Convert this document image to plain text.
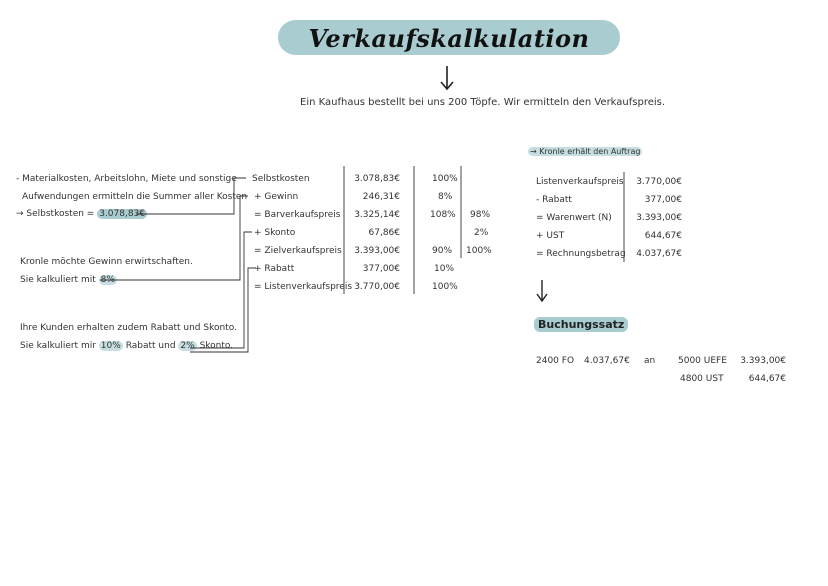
Verkaufskalkulation
Ein Kaufhaus bestellt bei uns 200 Töpfe. Wir ermitteln den Verkaufspreis.
- Materialkosten, Arbeitslohn, Miete und sonstige
Aufwendungen ermitteln die Summer aller Kosten
→ Selbstkosten = 3.078,83€
Kronle möchte Gewinn erwirtschaften.
Sie kalkuliert mit 8%
Ihre Kunden erhalten zudem Rabatt und Skonto.
Sie kalkuliert mir 10% Rabatt und 2% Skonto.
Selbstkosten	3.078,83€	100%
+ Gewinn	246,31€	8%
= Barverkaufspreis	3.325,14€	108% 98%
+ Skonto	67,86€	2%
= Zielverkaufspreis	3.393,00€	90% 100%
+ Rabatt	377,00€	10%
= Listenverkaufspreis 3.770,00€	100%
→ Kronle erhält den Auftrag
Listenverkaufspreis	3.770,00€
- Rabatt	377,00€
= Warenwert (N)	3.393,00€
+ UST	644,67€
= Rechnungsbetrag	4.037,67€
Buchungssatz
2400 FO 4.037,67€ an	5000 UEFE	3.393,00€
4800 UST	644,67€
